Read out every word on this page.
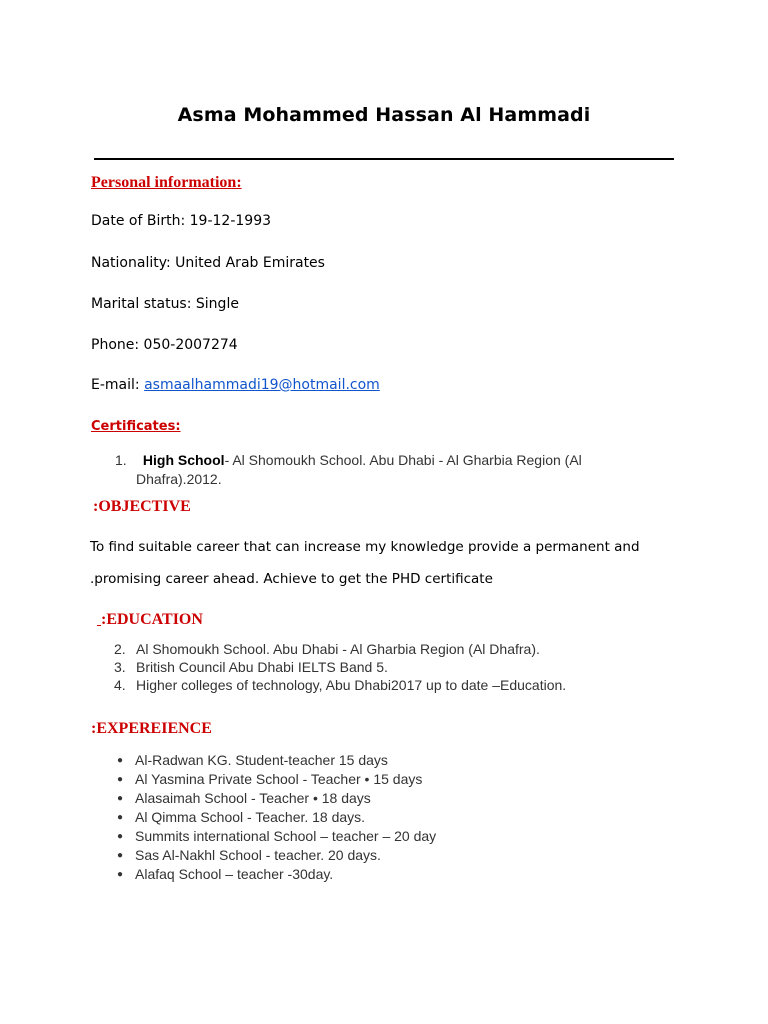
Asma Mohammed Hassan Al Hammadi
Personal information:
Date of Birth: 19-12-1993
Nationality: United Arab Emirates
Marital status: Single
Phone: 050-2007274
E-mail: asmaalhammadi19@hotmail.com
Certificates:
1. High School- Al Shomoukh School. Abu Dhabi - Al Gharbia Region (Al
Dhafra).2012.
:OBJECTIVE
To find suitable career that can increase my knowledge provide a permanent and
.promising career ahead. Achieve to get the PHD certificate
:EDUCATION
2. Al Shomoukh School. Abu Dhabi - Al Gharbia Region (Al Dhafra).
3. British Council Abu Dhabi IELTS Band 5.
4. Higher colleges of technology, Abu Dhabi2017 up to date –Education.
:EXPEREIENCE
● Al-Radwan KG. Student-teacher 15 days
● Al Yasmina Private School - Teacher • 15 days
● Alasaimah School - Teacher • 18 days
● Al Qimma School - Teacher. 18 days.
● Summits international School – teacher – 20 day
● Sas Al-Nakhl School - teacher. 20 days.
● Alafaq School – teacher -30day.
